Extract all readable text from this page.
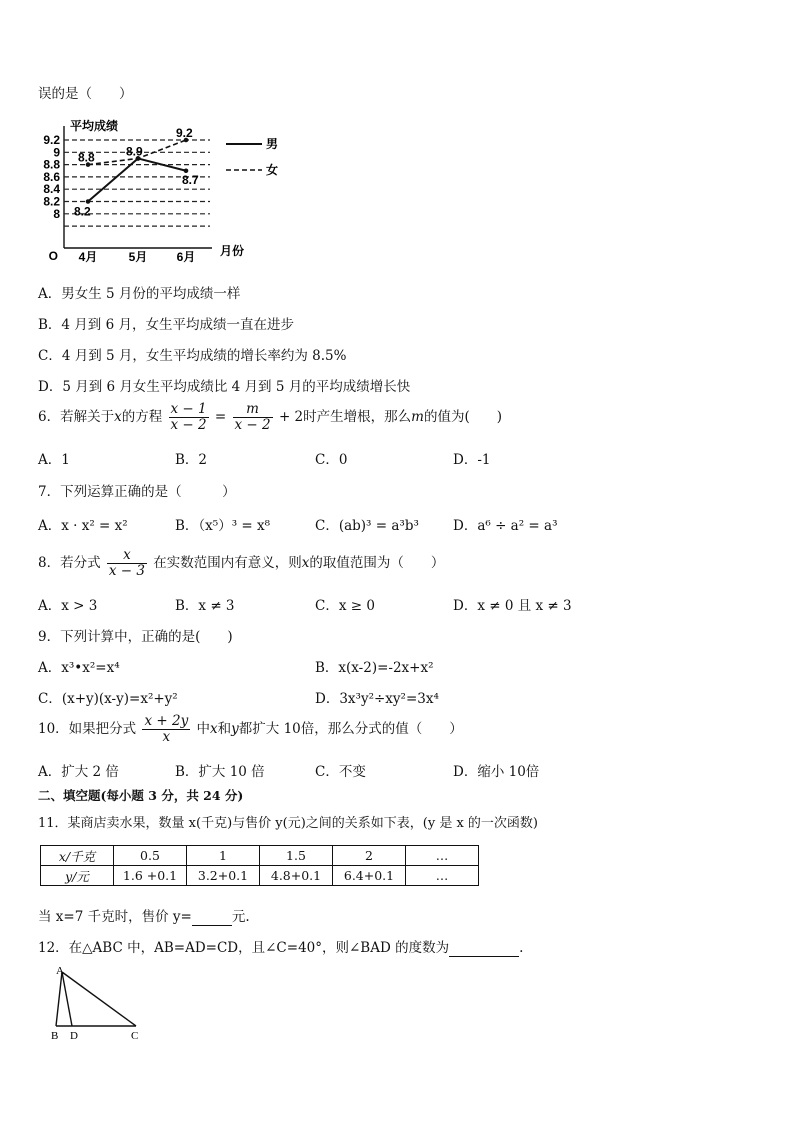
误的是（　　）
9.2
9
8.8
8.6
8.4
8.2
8
平均成绩
O 4月	5月 6月 月份
8.2
8.9
8.7
8.8
9.2
男
女
A．男女生 5 月份的平均成绩一样
B．4 月到 6 月，女生平均成绩一直在进步
C．4 月到 5 月，女生平均成绩的增长率约为 8.5%
D．5 月到 6 月女生平均成绩比 4 月到 5 月的平均成绩增长快
6．若解关于x的方程 $\frac{x - 1}{x - 2} = \frac{m}{x - 2} + 2$时产生增根，那么m的值为(　　)
A．1	B．2	C．0	D．-1
7．下列运算正确的是（　　　）
A．x · x² = x²	B．（x⁵）³ = x⁸	C．(ab)³ = a³b³	D．a⁶ ÷ a² = a³
8．若分式 $\frac{x}{x - 3}$ 在实数范围内有意义，则x的取值范围为（　　）
A．x > 3	B．x ≠ 3	C．x ≥ 0	D．x ≠ 0 且 x ≠ 3
9．下列计算中，正确的是(　　)
A．x³•x²=x⁴	B．x(x-2)=-2x+x²
C．(x+y)(x-y)=x²+y²	D．3x³y²÷xy²=3x⁴
10．如果把分式 $\frac{x + 2y}{x}$ 中x和y都扩大 10倍，那么分式的值（　　）
A．扩大 2 倍	B．扩大 10 倍	C．不变	D．缩小 10倍
二、填空题(每小题 3 分，共 24 分)
11．某商店卖水果，数量 x(千克)与售价 y(元)之间的关系如下表，(y 是 x 的一次函数)
x/千克	0.5	1	1.5	2	…
y/元	1.6 +0.1	3.2+0.1	4.8+0.1	6.4+0.1	…
当 x=7 千克时，售价 y=	元.
12．在△ABC 中，AB=AD=CD，且∠C=40°，则∠BAD 的度数为	.
A
B D	C
